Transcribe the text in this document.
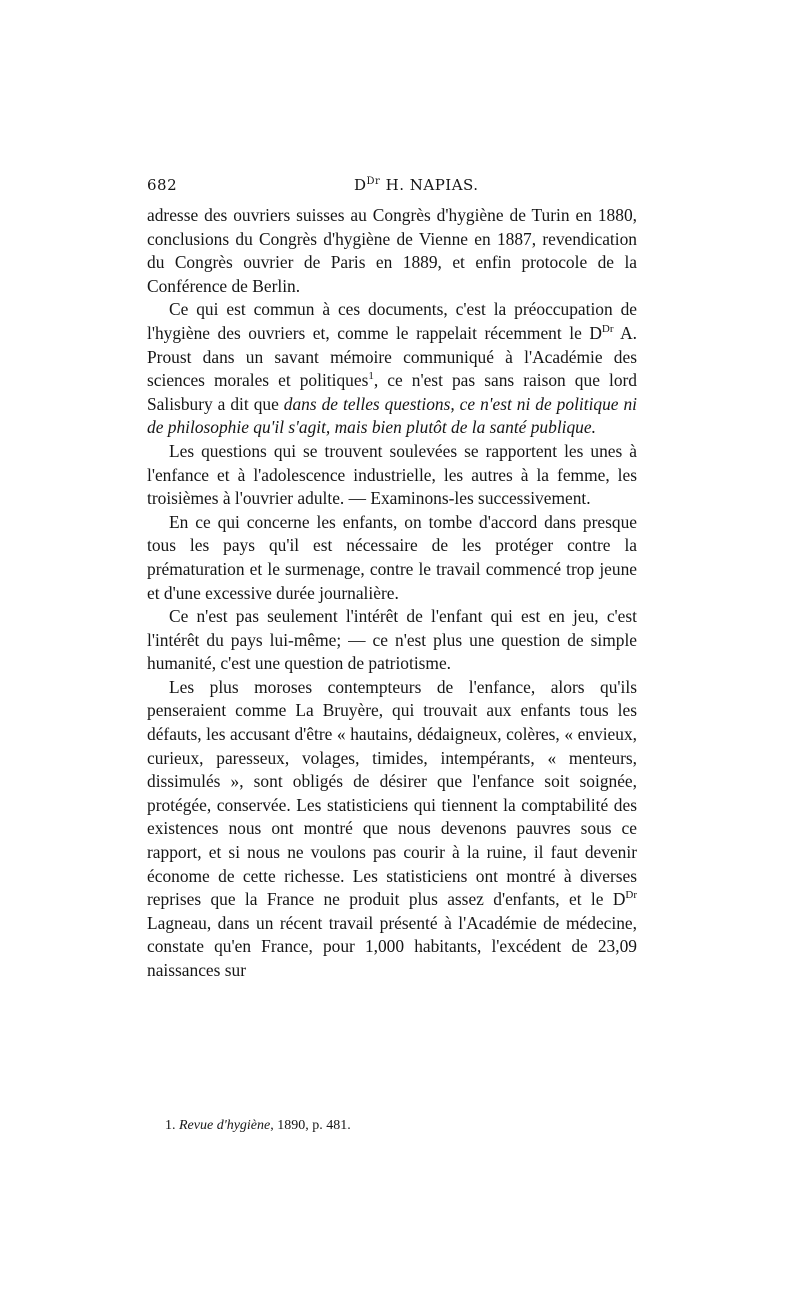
682	$D^{Dr}$ H. NAPIAS.

adresse des ouvriers suisses au Congrès d'hygiène de Turin en 1880, conclusions du Congrès d'hygiène de Vienne en 1887, revendication du Congrès ouvrier de Paris en 1889, et enfin protocole de la Conférence de Berlin.

Ce qui est commun à ces documents, c'est la préoccupation de l'hygiène des ouvriers et, comme le rappelait récemment le $D^{Dr}$ A. Proust dans un savant mémoire communiqué à l'Académie des sciences morales et politiques$^1$, ce n'est pas sans raison que lord Salisbury a dit que dans de telles questions, ce n'est ni de politique ni de philosophie qu'il s'agit, mais bien plutôt de la santé publique.

Les questions qui se trouvent soulevées se rapportent les unes à l'enfance et à l'adolescence industrielle, les autres à la femme, les troisièmes à l'ouvrier adulte. — Examinons-les successivement.

En ce qui concerne les enfants, on tombe d'accord dans presque tous les pays qu'il est nécessaire de les protéger contre la prématuration et le surmenage, contre le travail commencé trop jeune et d'une excessive durée journalière.

Ce n'est pas seulement l'intérêt de l'enfant qui est en jeu, c'est l'intérêt du pays lui-même; — ce n'est plus une question de simple humanité, c'est une question de patriotisme.

Les plus moroses contempteurs de l'enfance, alors qu'ils penseraient comme La Bruyère, qui trouvait aux enfants tous les défauts, les accusant d'être « hautains, dédaigneux, colères, « envieux, curieux, paresseux, volages, timides, intempérants, « menteurs, dissimulés », sont obligés de désirer que l'enfance soit soignée, protégée, conservée. Les statisticiens qui tiennent la comptabilité des existences nous ont montré que nous devenons pauvres sous ce rapport, et si nous ne voulons pas courir à la ruine, il faut devenir économe de cette richesse. Les statisticiens ont montré à diverses reprises que la France ne produit plus assez d'enfants, et le $D^{Dr}$ Lagneau, dans un récent travail présenté à l'Académie de médecine, constate qu'en France, pour 1,000 habitants, l'excédent de 23,09 naissances sur

1. Revue d'hygiène, 1890, p. 481.
